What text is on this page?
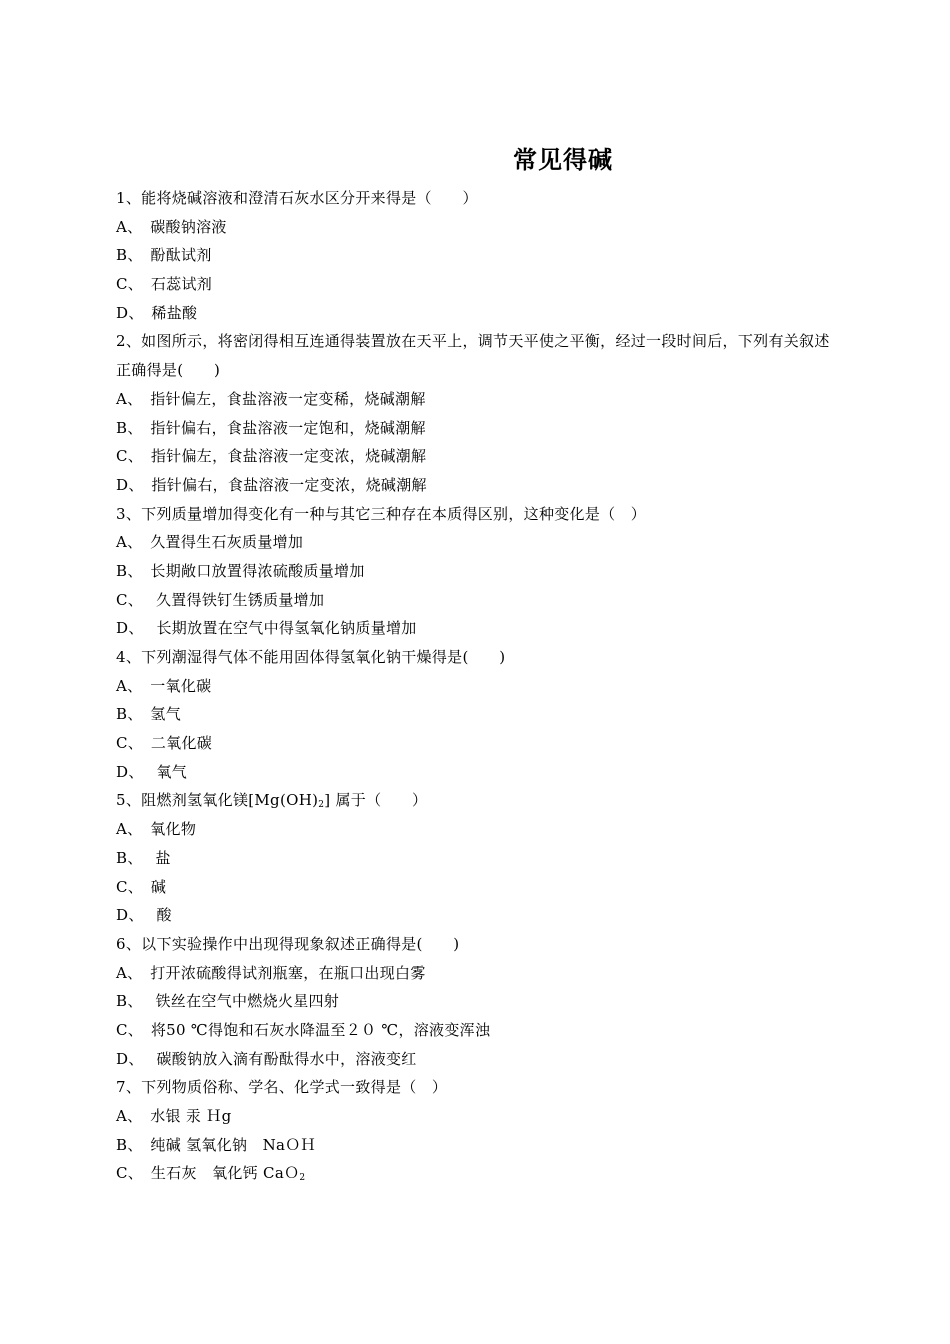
常见得碱
1、能将烧碱溶液和澄清石灰水区分开来得是（　　）
A、　碳酸钠溶液
B、　酚酞试剂
C、　石蕊试剂
D、　稀盐酸
2、如图所示，将密闭得相互连通得装置放在天平上，调节天平使之平衡，经过一段时间后，下列有关叙述正确得是(　　)
A、　指针偏左，食盐溶液一定变稀，烧碱潮解
B、　指针偏右，食盐溶液一定饱和，烧碱潮解
C、　指针偏左，食盐溶液一定变浓，烧碱潮解
D、　指针偏右，食盐溶液一定变浓，烧碱潮解
3、下列质量增加得变化有一种与其它三种存在本质得区别，这种变化是（　）
A、　久置得生石灰质量增加
B、　长期敞口放置得浓硫酸质量增加
C、　 久置得铁钉生锈质量增加
D、　 长期放置在空气中得氢氧化钠质量增加
4、下列潮湿得气体不能用固体得氢氧化钠干燥得是(　　)
A、　一氧化碳
B、　氢气
C、　二氧化碳
D、　 氧气
5、阻燃剂氢氧化镁$[Mg(OH)_2]$ 属于（　　）
A、　氧化物
B、　 盐
C、　碱
D、　 酸
6、以下实验操作中出现得现象叙述正确得是(　　)
A、　打开浓硫酸得试剂瓶塞，在瓶口出现白雾
B、　 铁丝在空气中燃烧火星四射
C、　将50 ℃得饱和石灰水降温至２０ ℃，溶液变浑浊
D、　 碳酸钠放入滴有酚酞得水中，溶液变红
7、下列物质俗称、学名、化学式一致得是（　）
A、　水银 汞 Ｈg
B、　纯碱 氢氧化钠　NaＯＨ
C、　生石灰　氧化钙 CaＯ$_2$
